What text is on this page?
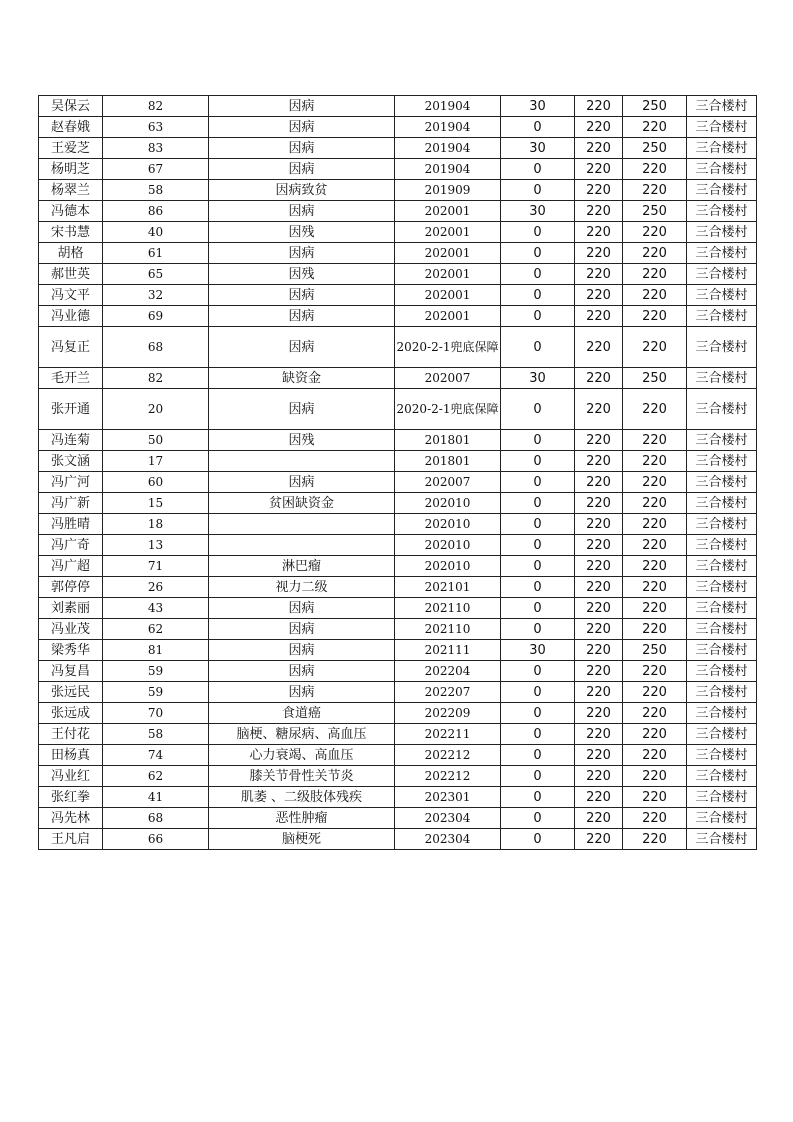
吴保云	82	因病	201904	30	220	250	三合楼村
赵春娥	63	因病	201904	0	220	220	三合楼村
王爱芝	83	因病	201904	30	220	250	三合楼村
杨明芝	67	因病	201904	0	220	220	三合楼村
杨翠兰	58	因病致贫	201909	0	220	220	三合楼村
冯德本	86	因病	202001	30	220	250	三合楼村
宋书慧	40	因残	202001	0	220	220	三合楼村
胡格	61	因病	202001	0	220	220	三合楼村
郝世英	65	因残	202001	0	220	220	三合楼村
冯文平	32	因病	202001	0	220	220	三合楼村
冯业德	69	因病	202001	0	220	220	三合楼村
冯复正	68	因病	2020-2-1兜底保障	0	220	220	三合楼村
毛开兰	82	缺资金	202007	30	220	250	三合楼村
张开通	20	因病	2020-2-1兜底保障	0	220	220	三合楼村
冯连菊	50	因残	201801	0	220	220	三合楼村
张文涵	17		201801	0	220	220	三合楼村
冯广河	60	因病	202007	0	220	220	三合楼村
冯广新	15	贫困缺资金	202010	0	220	220	三合楼村
冯胜晴	18		202010	0	220	220	三合楼村
冯广奇	13		202010	0	220	220	三合楼村
冯广超	71	淋巴瘤	202010	0	220	220	三合楼村
郭停停	26	视力二级	202101	0	220	220	三合楼村
刘素丽	43	因病	202110	0	220	220	三合楼村
冯业茂	62	因病	202110	0	220	220	三合楼村
梁秀华	81	因病	202111	30	220	250	三合楼村
冯复昌	59	因病	202204	0	220	220	三合楼村
张远民	59	因病	202207	0	220	220	三合楼村
张远成	70	食道癌	202209	0	220	220	三合楼村
王付花	58	脑梗、糖尿病、高血压	202211	0	220	220	三合楼村
田杨真	74	心力衰竭、高血压	202212	0	220	220	三合楼村
冯业红	62	膝关节骨性关节炎	202212	0	220	220	三合楼村
张红拳	41	肌萎 、二级肢体残疾	202301	0	220	220	三合楼村
冯先林	68	恶性肿瘤	202304	0	220	220	三合楼村
王凡启	66	脑梗死	202304	0	220	220	三合楼村
